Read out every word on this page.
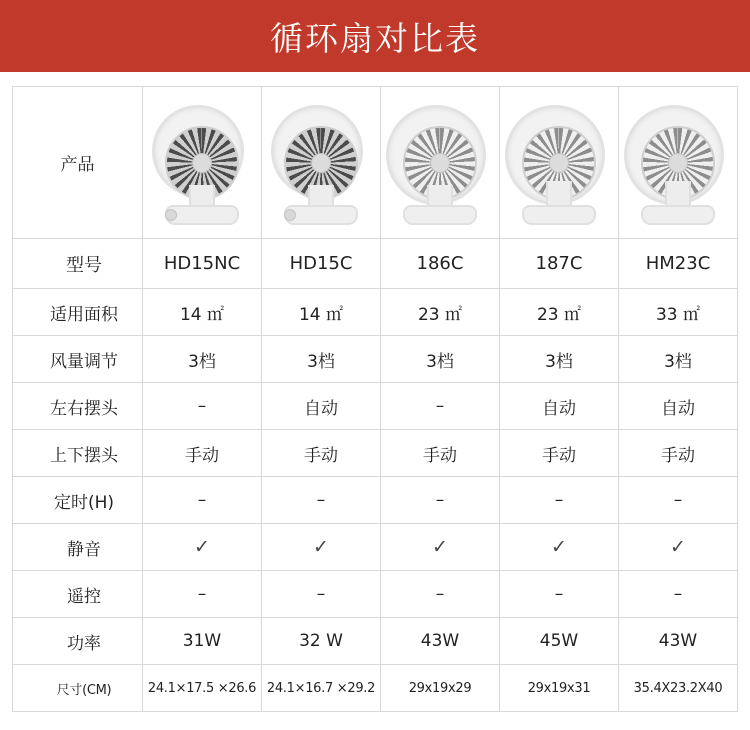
循环扇对比表
产品	

型号	HD15NC	HD15C	186C	187C	HM23C
适用面积	14 ㎡	14 ㎡	23 ㎡	23 ㎡	33 ㎡
风量调节	3档	3档	3档	3档	3档
左右摆头	–	自动	–	自动	自动
上下摆头	手动	手动	手动	手动	手动
定时(H)	–	–	–	–	–
静音	✓	✓	✓	✓	✓
遥控	–	–	–	–	–
功率	31W	32 W	43W	45W	43W
尺寸(CM)	24.1×17.5 ×26.6	24.1×16.7 ×29.2	29x19x29	29x19x31	35.4X23.2X40
